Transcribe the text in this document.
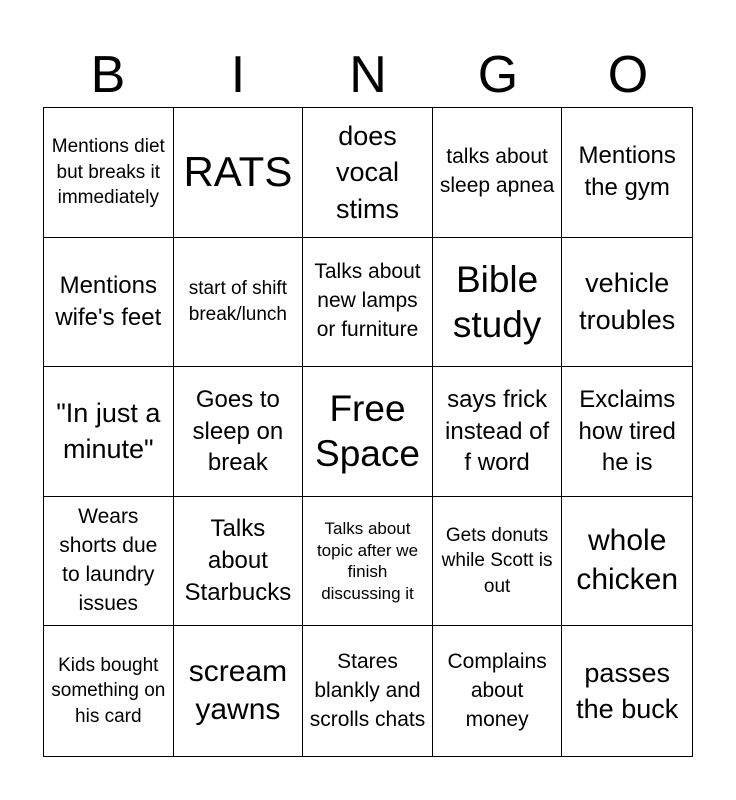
B	I	N	G	O
Mentions diet but breaks it immediately
RATS
does vocal stims
talks about sleep apnea
Mentions the gym
Mentions wife's feet
start of shift break/lunch
Talks about new lamps or furniture
Bible study
vehicle troubles
"In just a minute"
Goes to sleep on break
Free Space
says frick instead of f word
Exclaims how tired he is
Wears shorts due to laundry issues
Talks about Starbucks
Talks about topic after we finish discussing it
Gets donuts while Scott is out
whole chicken
Kids bought something on his card
scream yawns
Stares blankly and scrolls chats
Complains about money
passes the buck
